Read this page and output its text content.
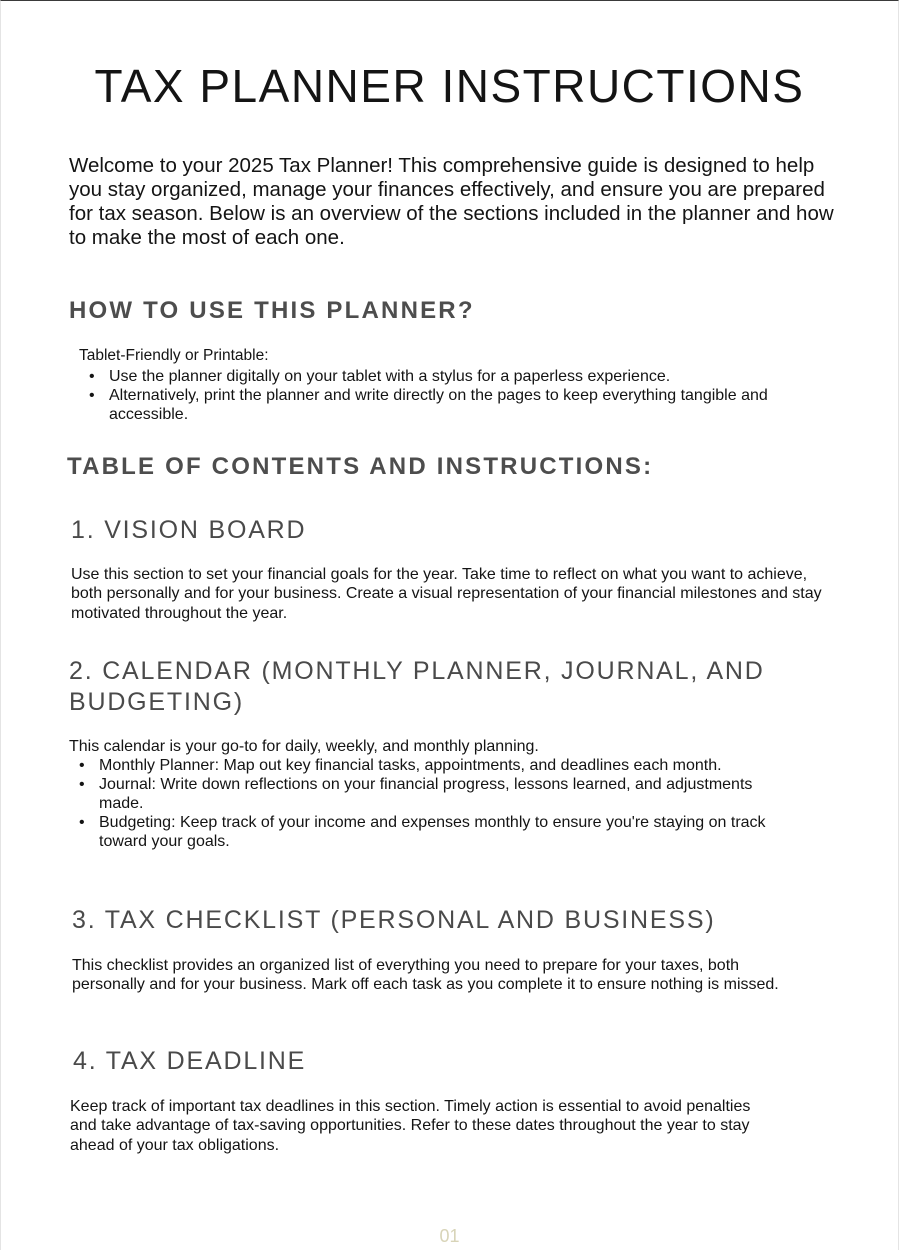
TAX PLANNER INSTRUCTIONS

Welcome to your 2025 Tax Planner! This comprehensive guide is designed to help you stay organized, manage your finances effectively, and ensure you are prepared for tax season. Below is an overview of the sections included in the planner and how to make the most of each one.

HOW TO USE THIS PLANNER?

Tablet-Friendly or Printable:

• Use the planner digitally on your tablet with a stylus for a paperless experience.
• Alternatively, print the planner and write directly on the pages to keep everything tangible and accessible.
TABLE OF CONTENTS AND INSTRUCTIONS:
1. VISION BOARD

Use this section to set your financial goals for the year. Take time to reflect on what you want to achieve, both personally and for your business. Create a visual representation of your financial milestones and stay motivated throughout the year.

2. CALENDAR (MONTHLY PLANNER, JOURNAL, AND BUDGETING)

This calendar is your go-to for daily, weekly, and monthly planning.

• Monthly Planner: Map out key financial tasks, appointments, and deadlines each month.
• Journal: Write down reflections on your financial progress, lessons learned, and adjustments made.
• Budgeting: Keep track of your income and expenses monthly to ensure you're staying on track toward your goals.
3. TAX CHECKLIST (PERSONAL AND BUSINESS)

This checklist provides an organized list of everything you need to prepare for your taxes, both personally and for your business. Mark off each task as you complete it to ensure nothing is missed.

4. TAX DEADLINE

Keep track of important tax deadlines in this section. Timely action is essential to avoid penalties and take advantage of tax-saving opportunities. Refer to these dates throughout the year to stay ahead of your tax obligations.

01
